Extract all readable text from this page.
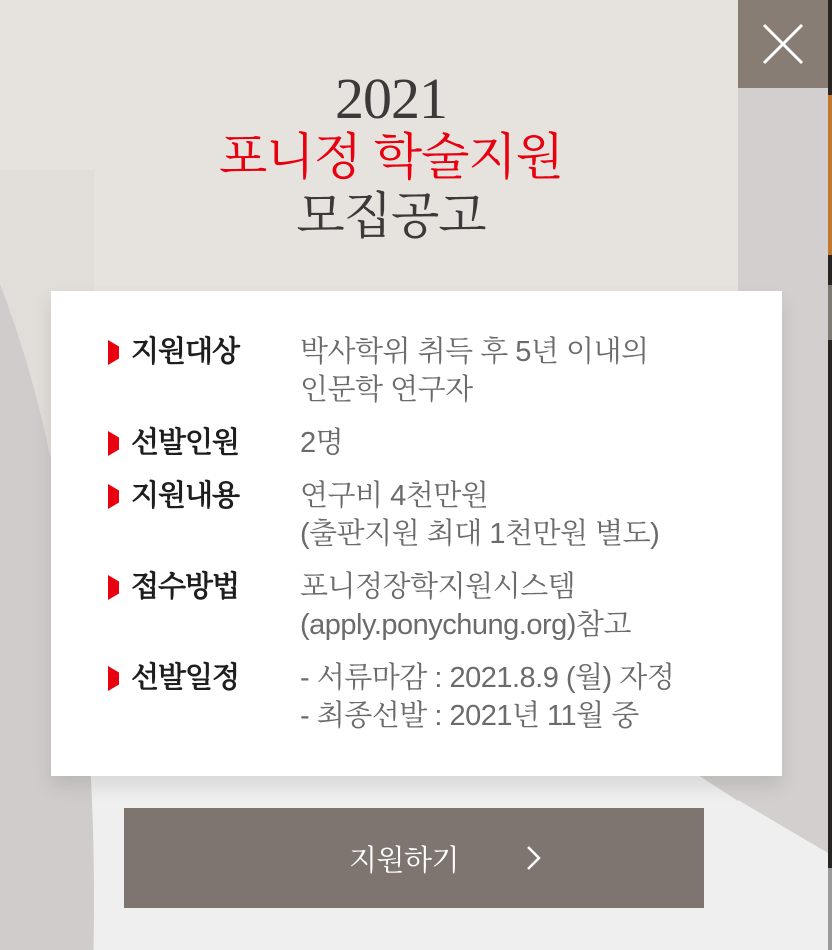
2021
포니정 학술지원
모집공고
지원대상 박사학위 취득 후 5년 이내의
인문학 연구자
선발인원 2명
지원내용 연구비 4천만원
(출판지원 최대 1천만원 별도)
접수방법 포니정장학지원시스템
(apply.ponychung.org)참고
선발일정 - 서류마감 : 2021.8.9 (월) 자정
- 최종선발 : 2021년 11월 중
지원하기
